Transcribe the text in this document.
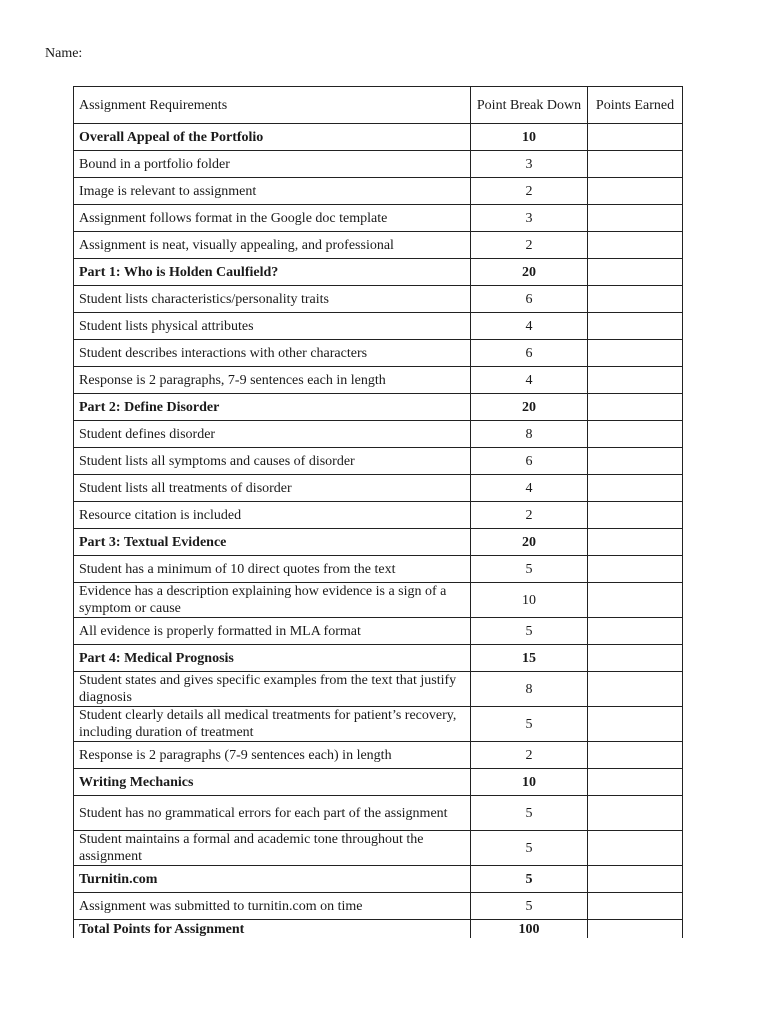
Name:
Assignment Requirements	Point Break Down	Points Earned
Overall Appeal of the Portfolio	10	
Bound in a portfolio folder	3	
Image is relevant to assignment	2	
Assignment follows format in the Google doc template	3	
Assignment is neat, visually appealing, and professional	2	
Part 1: Who is Holden Caulfield?	20	
Student lists characteristics/personality traits	6	
Student lists physical attributes	4	
Student describes interactions with other characters	6	
Response is 2 paragraphs, 7-9 sentences each in length	4	
Part 2: Define Disorder	20	
Student defines disorder	8	
Student lists all symptoms and causes of disorder	6	
Student lists all treatments of disorder	4	
Resource citation is included	2	
Part 3: Textual Evidence	20	
Student has a minimum of 10 direct quotes from the text	5	
Evidence has a description explaining how evidence is a sign of a symptom or cause	10	
All evidence is properly formatted in MLA format	5	
Part 4: Medical Prognosis	15	
Student states and gives specific examples from the text that justify diagnosis	8	
Student clearly details all medical treatments for patient’s recovery, including duration of treatment	5	
Response is 2 paragraphs (7-9 sentences each) in length	2	
Writing Mechanics	10	
Student has no grammatical errors for each part of the assignment	5	
Student maintains a formal and academic tone throughout the assignment	5	
Turnitin.com	5	
Assignment was submitted to turnitin.com on time	5	
Total Points for Assignment	100	
